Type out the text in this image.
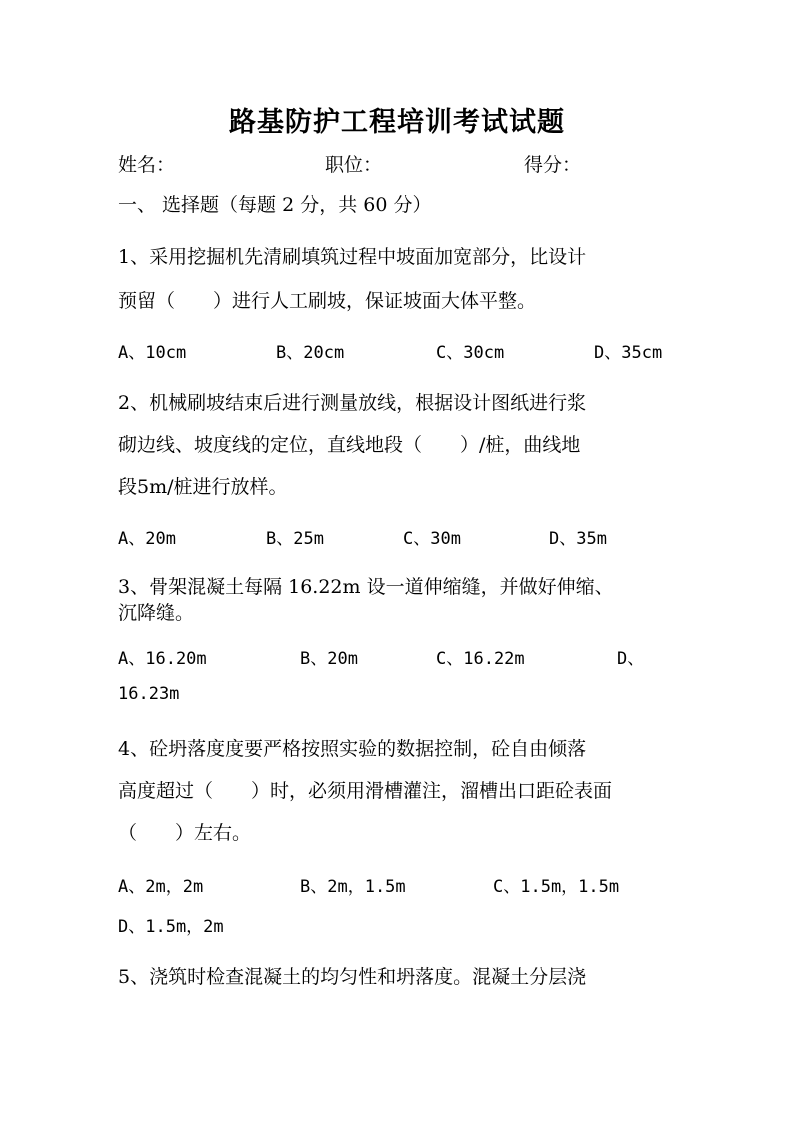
路基防护工程培训考试试题
姓名：	职位：	得分：
一、 选择题（每题 2 分，共 60 分）
1、采用挖掘机先清刷填筑过程中坡面加宽部分，比设计
预留（　　）进行人工刷坡，保证坡面大体平整。
A、10cm	B、20cm	C、30cm	D、35cm
2、机械刷坡结束后进行测量放线，根据设计图纸进行浆
砌边线、坡度线的定位，直线地段（　　）/桩，曲线地
段5m/桩进行放样。
A、20m	B、25m	C、30m	D、35m
3、骨架混凝土每隔 16.22m 设一道伸缩缝，并做好伸缩、
沉降缝。
A、16.20m	B、20m	C、16.22m	D、
16.23m
4、砼坍落度度要严格按照实验的数据控制，砼自由倾落
高度超过（　　）时，必须用滑槽灌注，溜槽出口距砼表面
（　　）左右。
A、2m，2m	B、2m，1.5m	C、1.5m，1.5m
D、1.5m，2m
5、浇筑时检查混凝土的均匀性和坍落度。混凝土分层浇
